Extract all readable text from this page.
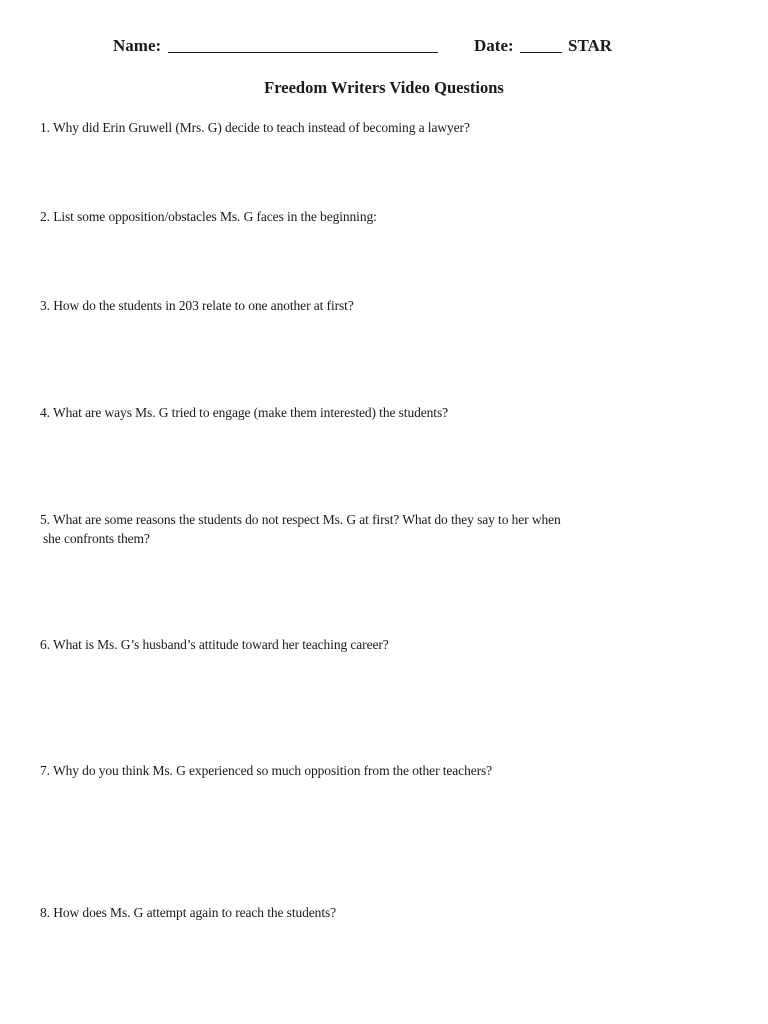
Name:	Date:	STAR
Freedom Writers Video Questions
1. Why did Erin Gruwell (Mrs. G) decide to teach instead of becoming a lawyer?
2. List some opposition/obstacles Ms. G faces in the beginning:
3. How do the students in 203 relate to one another at first?
4. What are ways Ms. G tried to engage (make them interested) the students?
5. What are some reasons the students do not respect Ms. G at first? What do they say to her when
she confronts them?
6. What is Ms. G’s husband’s attitude toward her teaching career?
7. Why do you think Ms. G experienced so much opposition from the other teachers?
8. How does Ms. G attempt again to reach the students?
